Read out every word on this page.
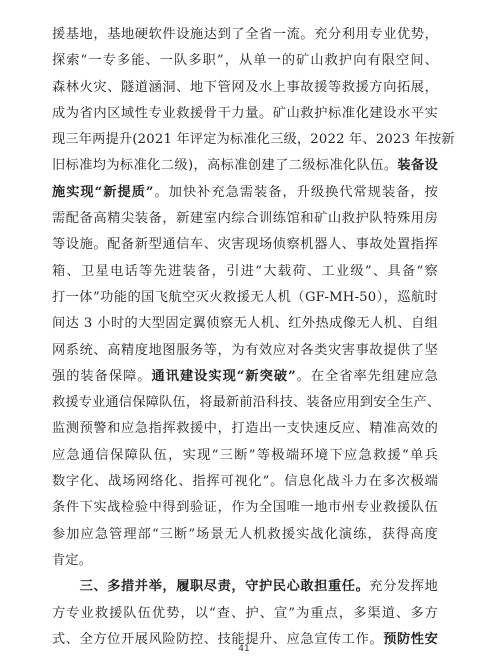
援基地，基地硬软件设施达到了全省一流。充分利用专业优势，
探索“一专多能、一队多职”，从单一的矿山救护向有限空间、
森林火灾、隧道涵洞、地下管网及水上事故援等救援方向拓展，
成为省内区域性专业救援骨干力量。矿山救护标准化建设水平实
现三年两提升(2021 年评定为标准化三级，2022 年、2023 年按新
旧标准均为标准化二级)，高标准创建了二级标准化队伍。装备设
施实现“新提质”。加快补充急需装备，升级换代常规装备，按
需配备高精尖装备，新建室内综合训练馆和矿山救护队特殊用房
等设施。配备新型通信车、灾害现场侦察机器人、事故处置指挥
箱、卫星电话等先进装备，引进“大载荷、工业级”、具备“察
打一体”功能的国飞航空灭火救援无人机（GF-MH-50），巡航时
间达 3 小时的大型固定翼侦察无人机、红外热成像无人机、自组
网系统、高精度地图服务等，为有效应对各类灾害事故提供了坚
强的装备保障。通讯建设实现“新突破”。在全省率先组建应急
救援专业通信保障队伍，将最新前沿科技、装备应用到安全生产、
监测预警和应急指挥救援中，打造出一支快速反应、精准高效的
应急通信保障队伍，实现“三断”等极端环境下应急救援“单兵
数字化、战场网络化、指挥可视化”。信息化战斗力在多次极端
条件下实战检验中得到验证，作为全国唯一地市州专业救援队伍
参加应急管理部“三断”场景无人机救援实战化演练，获得高度
肯定。
　　三、多措并举，履职尽责，守护民心敢担重任。充分发挥地
方专业救援队伍优势，以“查、护、宣”为重点，多渠道、多方
式、全方位开展风险防控、技能提升、应急宣传工作。预防性安
41
